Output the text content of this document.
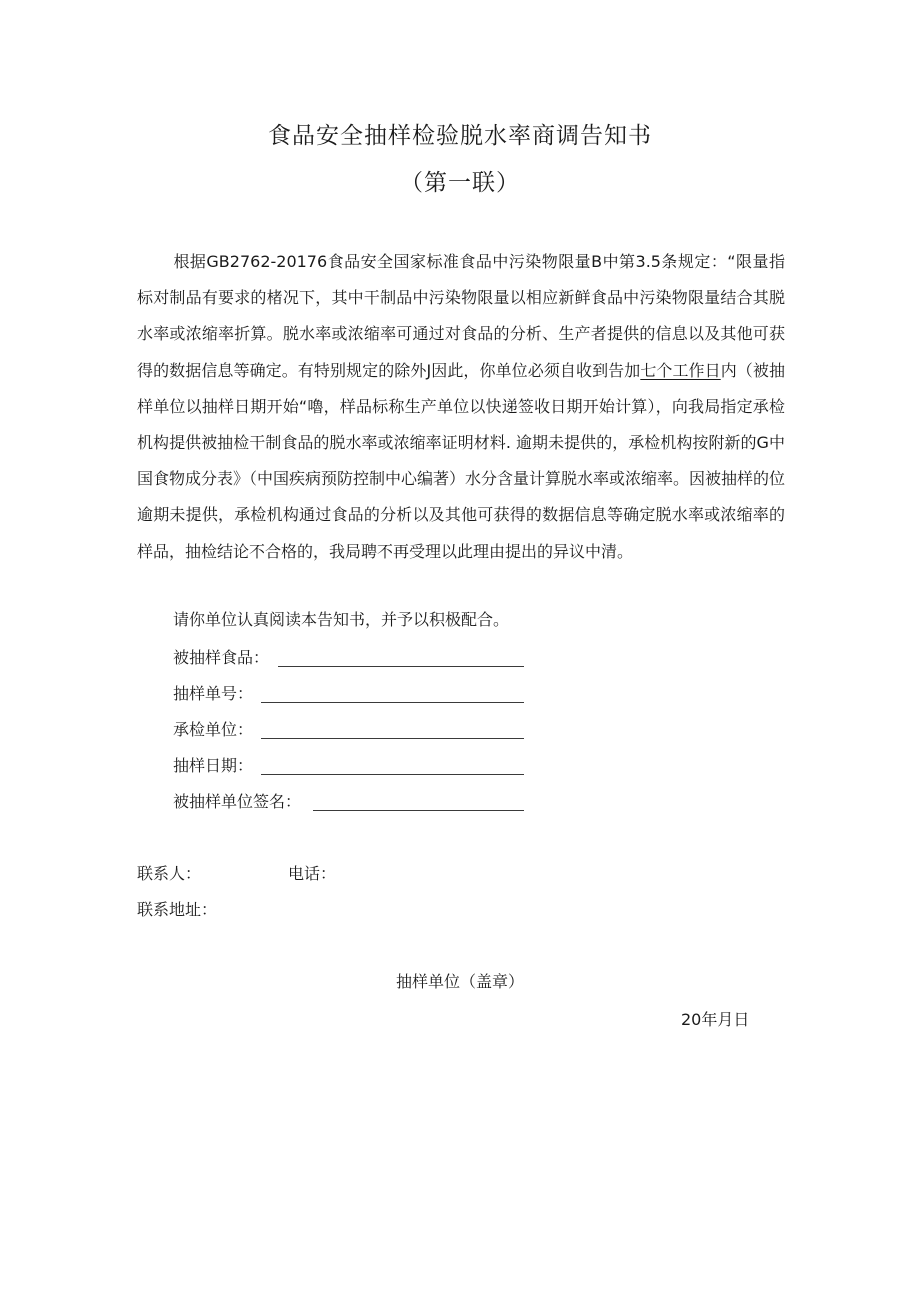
食品安全抽样检验脱水率商调告知书
（第一联）

根据GB2762-20176食品安全国家标准食品中污染物限量B中第3.5条规定：“限量指标对制品有要求的楮况下，其中干制品中污染物限量以相应新鲜食品中污染物限量结合其脱水率或浓缩率折算。脱水率或浓缩率可通过对食品的分析、生产者提供的信息以及其他可获得的数据信息等确定。有特别规定的除外J因此，你单位必须自收到告加七个工作日内（被抽样单位以抽样日期开始“嚕，样品标称生产单位以快递签收日期开始计算），向我局指定承检机构提供被抽检干制食品的脱水率或浓缩率证明材料. 逾期未提供的，承检机构按附新的G中国食物成分表》（中国疾病预防控制中心编著）水分含量计算脱水率或浓缩率。因被抽样的位逾期未提供，承检机构通过食品的分析以及其他可获得的数据信息等确定脱水率或浓缩率的样品，抽检结论不合格的，我局聘不再受理以此理由提出的异议中清。

请你单位认真阅读本告知书，并予以积极配合。

被抽样食品：
抽样单号：
承检单位：
抽样日期：
被抽样单位签名：
联系人：	电话：
联系地址：
抽样单位（盖章）
20年月日
